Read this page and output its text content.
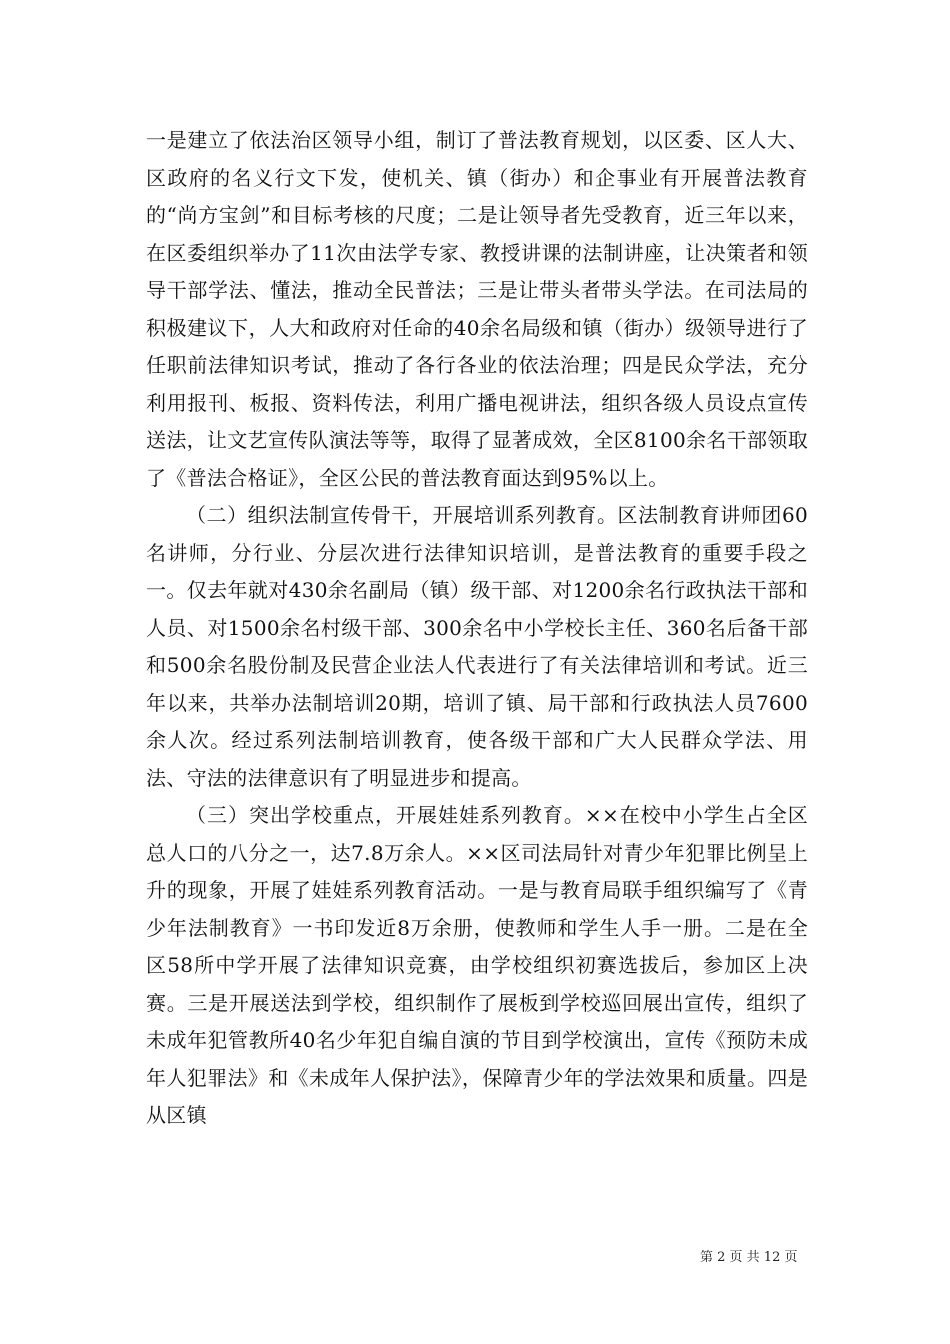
一是建立了依法治区领导小组，制订了普法教育规划，以区委、区人大、区政府的名义行文下发，使机关、镇（街办）和企事业有开展普法教育的“尚方宝剑”和目标考核的尺度；二是让领导者先受教育，近三年以来，在区委组织举办了11次由法学专家、教授讲课的法制讲座，让决策者和领导干部学法、懂法，推动全民普法；三是让带头者带头学法。在司法局的积极建议下，人大和政府对任命的40余名局级和镇（街办）级领导进行了任职前法律知识考试，推动了各行各业的依法治理；四是民众学法，充分利用报刊、板报、资料传法，利用广播电视讲法，组织各级人员设点宣传送法，让文艺宣传队演法等等，取得了显著成效，全区8100余名干部领取了《普法合格证》，全区公民的普法教育面达到95%以上。

（二）组织法制宣传骨干，开展培训系列教育。区法制教育讲师团60名讲师，分行业、分层次进行法律知识培训，是普法教育的重要手段之一。仅去年就对430余名副局（镇）级干部、对1200余名行政执法干部和人员、对1500余名村级干部、300余名中小学校长主任、360名后备干部和500余名股份制及民营企业法人代表进行了有关法律培训和考试。近三年以来，共举办法制培训20期，培训了镇、局干部和行政执法人员7600余人次。经过系列法制培训教育，使各级干部和广大人民群众学法、用法、守法的法律意识有了明显进步和提高。

（三）突出学校重点，开展娃娃系列教育。××在校中小学生占全区总人口的八分之一，达7.8万余人。××区司法局针对青少年犯罪比例呈上升的现象，开展了娃娃系列教育活动。一是与教育局联手组织编写了《青少年法制教育》一书印发近8万余册，使教师和学生人手一册。二是在全区58所中学开展了法律知识竞赛，由学校组织初赛选拔后，参加区上决赛。三是开展送法到学校，组织制作了展板到学校巡回展出宣传，组织了未成年犯管教所40名少年犯自编自演的节目到学校演出，宣传《预防未成年人犯罪法》和《未成年人保护法》，保障青少年的学法效果和质量。四是从区镇

第 2 页 共 12 页
